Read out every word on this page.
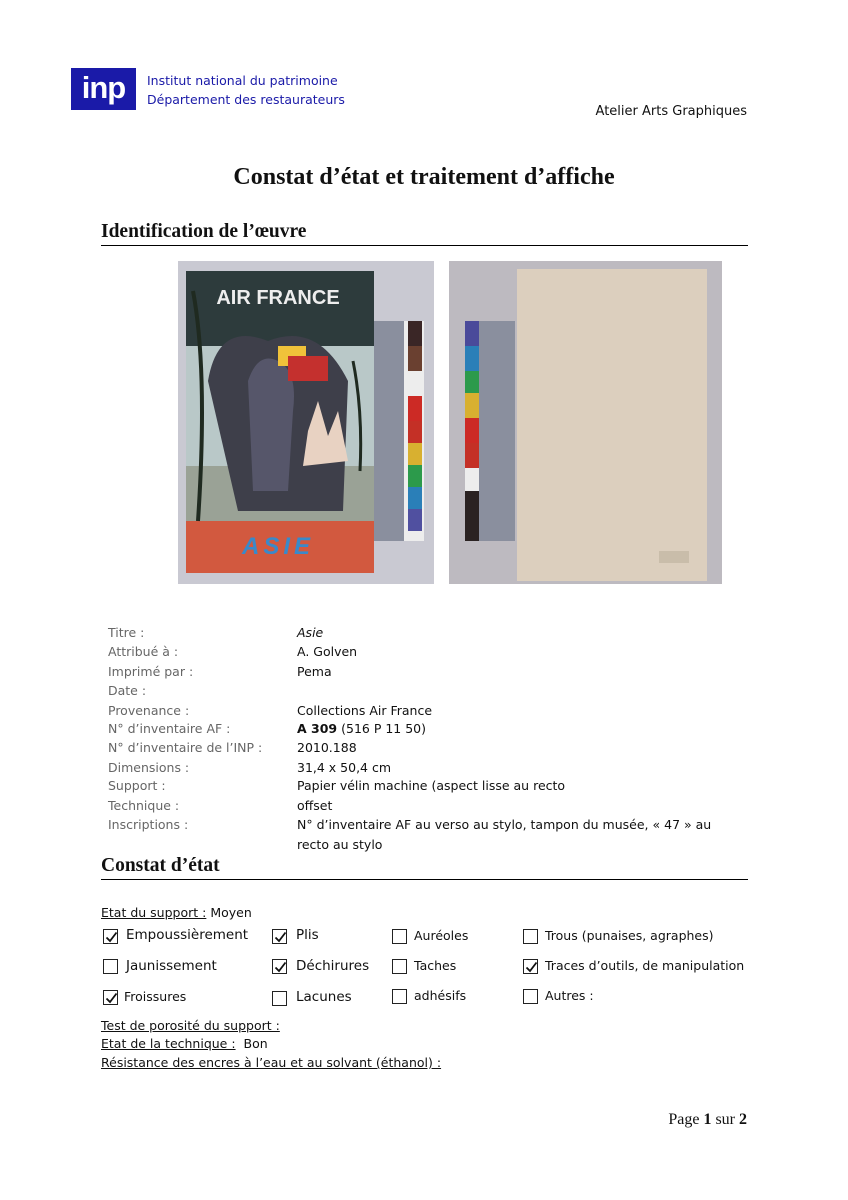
inp	Institut national du patrimoine
Département des restaurateurs
Atelier Arts Graphiques
Constat d’état et traitement d’affiche
Identification de l’œuvre
AIR FRANCE
ASIE
Titre :	Asie
Attribué à :	A. Golven
Imprimé par :	Pema
Date :
Provenance :	Collections Air France
N° d’inventaire AF :	A 309 (516 P 11 50)
N° d’inventaire de l’INP :	2010.188
Dimensions :	31,4 x 50,4 cm
Support :	Papier vélin machine (aspect lisse au recto
Technique :	offset
Inscriptions :	N° d’inventaire AF au verso au stylo, tampon du musée, « 47 » au
recto au stylo
Constat d’état
Etat du support : Moyen
Empoussièrement	Plis	Auréoles	Trous (punaises, agraphes)
Jaunissement	Déchirures	Taches	Traces d’outils, de manipulation
Froissures	Lacunes	adhésifs	Autres :
Test de porosité du support :
Etat de la technique : Bon
Résistance des encres à l’eau et au solvant (éthanol) :
Page 1 sur 2
